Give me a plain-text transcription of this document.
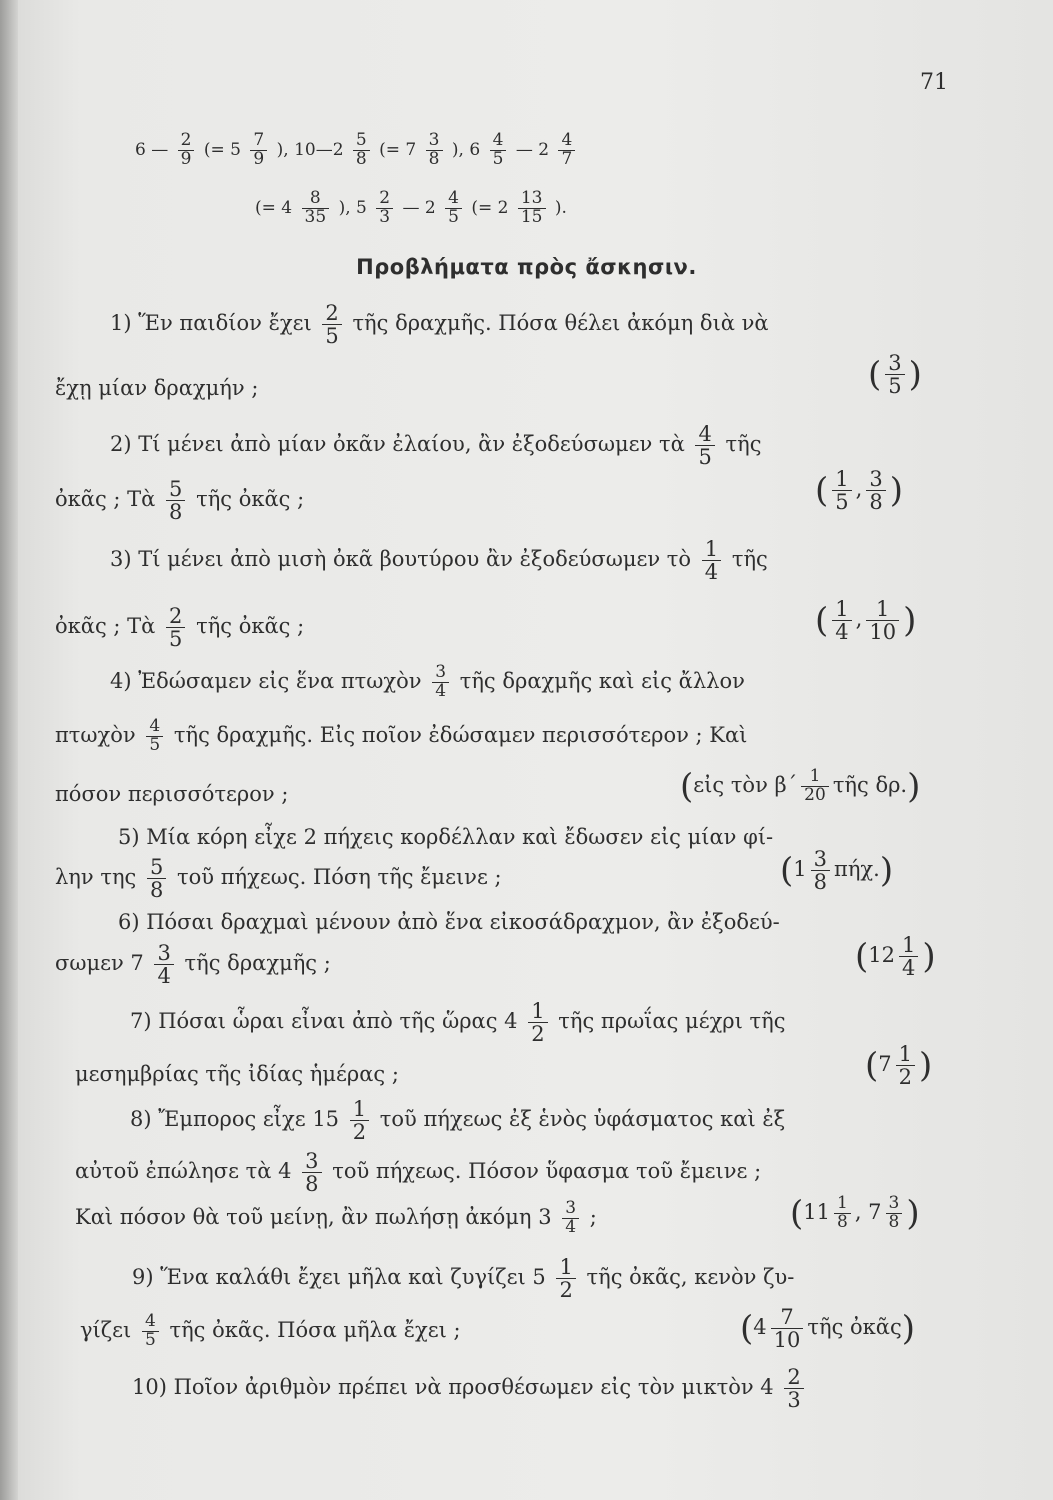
71
6 — $\frac{2}{9}$ (= $5 \frac{7}{9}$ ), 10—2 $\frac{5}{8}$ (= $7 \frac{3}{8}$ ), $6 \frac{4}{5}$ — $2 \frac{4}{7}$
(= $4 \frac{8}{35}$ ), $5 \frac{2}{3}$ — $2 \frac{4}{5}$ (= $2 \frac{13}{15}$ ).
Προβλήματα πρὸς ἄσκησιν.
1) Ἕν παιδίον ἔχει $\frac{2}{5}$ τῆς δραχμῆς. Πόσα θέλει ἀκόμη διὰ νὰ
ἔχῃ μίαν δραχμήν ;	( $\frac{3}{5}$ )
2) Τί μένει ἀπὸ μίαν ὀκᾶν ἐλαίου, ἂν ἐξοδεύσωμεν τὰ $\frac{4}{5}$ τῆς
ὀκᾶς ; Τὰ $\frac{5}{8}$ τῆς ὀκᾶς ;	( $\frac{1}{5}$ , $\frac{3}{8}$ )
3) Τί μένει ἀπὸ μισὴ ὀκᾶ βουτύρου ἂν ἐξοδεύσωμεν τὸ $\frac{1}{4}$ τῆς
ὀκᾶς ; Τὰ $\frac{2}{5}$ τῆς ὀκᾶς ;	( $\frac{1}{4}$ , $\frac{1}{10}$ )
4) Ἐδώσαμεν εἰς ἕνα πτωχὸν $\frac{3}{4}$ τῆς δραχμῆς καὶ εἰς ἄλλον
πτωχὸν $\frac{4}{5}$ τῆς δραχμῆς. Εἰς ποῖον ἐδώσαμεν περισσότερον ; Καὶ
πόσον περισσότερον ;	(εἰς τὸν $\beta΄ \frac{1}{20}$ τῆς δρ.)
5) Μία κόρη εἶχε 2 πήχεις κορδέλλαν καὶ ἔδωσεν εἰς μίαν φί-
λην της $\frac{5}{8}$ τοῦ πήχεως. Πόση τῆς ἔμεινε ;	$(1 \frac{3}{8} \pi ή\chi.)$
6) Πόσαι δραχμαὶ μένουν ἀπὸ ἕνα εἰκοσάδραχμον, ἂν ἐξοδεύ-
σωμεν $7 \frac{3}{4}$ τῆς δραχμῆς ;	($12 \frac{1}{4}$ )
7) Πόσαι ὧραι εἶναι ἀπὸ τῆς ὥρας $4 \frac{1}{2}$ τῆς πρωΐας μέχρι τῆς
μεσημβρίας τῆς ἰδίας ἡμέρας ;	($7 \frac{1}{2}$ )
8) Ἔμπορος εἶχε $15 \frac{1}{2}$ τοῦ πήχεως ἐξ ἑνὸς ὑφάσματος καὶ ἐξ
αὐτοῦ ἐπώλησε τὰ $4 \frac{3}{8}$ τοῦ πήχεως. Πόσον ὕφασμα τοῦ ἔμεινε ;
Καὶ πόσον θὰ τοῦ μείνῃ, ἂν πωλήσῃ ἀκόμη $3 \frac{3}{4}$ ;	($11 \frac{1}{8}$ , $7 \frac{3}{8}$ )
9) Ἕνα καλάθι ἔχει μῆλα καὶ ζυγίζει $5 \frac{1}{2}$ τῆς ὀκᾶς, κενὸν ζυ-
γίζει $\frac{4}{5}$ τῆς ὀκᾶς. Πόσα μῆλα ἔχει ;	($4 \frac{7}{10}$ τῆς ὀκᾶς)
10) Ποῖον ἀριθμὸν πρέπει νὰ προσθέσωμεν εἰς τὸν μικτὸν $4 \frac{2}{3}$
